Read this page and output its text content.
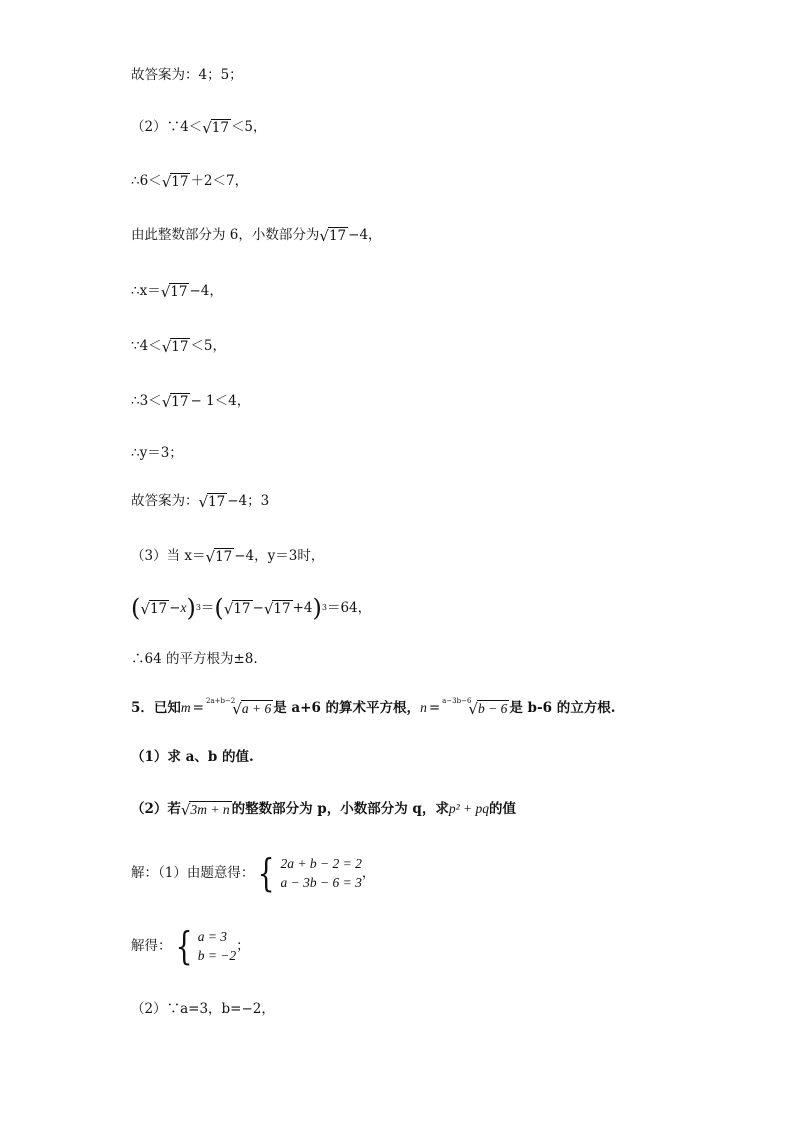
故答案为：4；5；
（2）∵4＜ √ 17 ＜5，
∴6＜ √ 17 ＋2＜7，
由此整数部分为 6，小数部分为 √ 17 −4，
∴x＝ √ 17 −4，
∵4＜ √ 17 ＜5，
∴3＜ √ 17 − 1＜4，
∴y＝3；
故答案为： √ 17 −4；3
（3）当 x＝ √ 17 −4，y＝3时，
( √ 17 − x ) 3 ＝ ( √ 17 − √ 17 +4 ) 3 ＝64，
∴64 的平方根为±8.
5．已知 m = 2a+b−2
√ a + 6 是 a+6 的算术平方根， n = a−3b−6
√ b − 6 是 b-6 的立方根.
（1）求 a、b 的值.
（2）若 √ 3m + n 的整数部分为 p，小数部分为 q，求 p² + pq 的值
解：（1）由题意得： { 2a + b − 2 = 2
a − 3b − 6 = 3
，
解得： { a = 3
b = −2
；
（2）∵a=3，b=−2，
